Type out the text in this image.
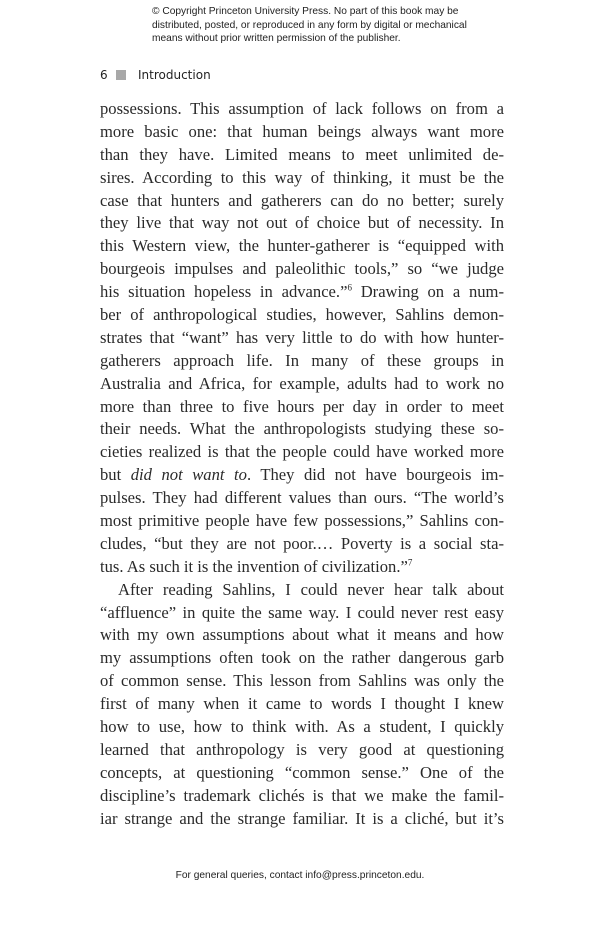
© Copyright Princeton University Press. No part of this book may be
distributed, posted, or reproduced in any form by digital or mechanical
means without prior written permission of the publisher.
6	Introduction
possessions. This assumption of lack follows on from a
more basic one: that human beings always want more
than they have. Limited means to meet unlimited de-
sires. According to this way of thinking, it must be the
case that hunters and gatherers can do no better; surely
they live that way not out of choice but of necessity. In
this Western view, the hunter-gatherer is “equipped with
bourgeois impulses and paleolithic tools,” so “we judge
his situation hopeless in advance.”$^6$ Drawing on a num-
ber of anthropological studies, however, Sahlins demon-
strates that “want” has very little to do with how hunter-
gatherers approach life. In many of these groups in
Australia and Africa, for example, adults had to work no
more than three to five hours per day in order to meet
their needs. What the anthropologists studying these so-
cieties realized is that the people could have worked more
but did not want to. They did not have bourgeois im-
pulses. They had different values than ours. “The world’s
most primitive people have few possessions,” Sahlins con-
cludes, “but they are not poor.… Poverty is a social sta-
tus. As such it is the invention of civilization.”$^7$
After reading Sahlins, I could never hear talk about
“affluence” in quite the same way. I could never rest easy
with my own assumptions about what it means and how
my assumptions often took on the rather dangerous garb
of common sense. This lesson from Sahlins was only the
first of many when it came to words I thought I knew
how to use, how to think with. As a student, I quickly
learned that anthropology is very good at questioning
concepts, at questioning “common sense.” One of the
discipline’s trademark clichés is that we make the famil-
iar strange and the strange familiar. It is a cliché, but it’s
For general queries, contact info@press.princeton.edu.
